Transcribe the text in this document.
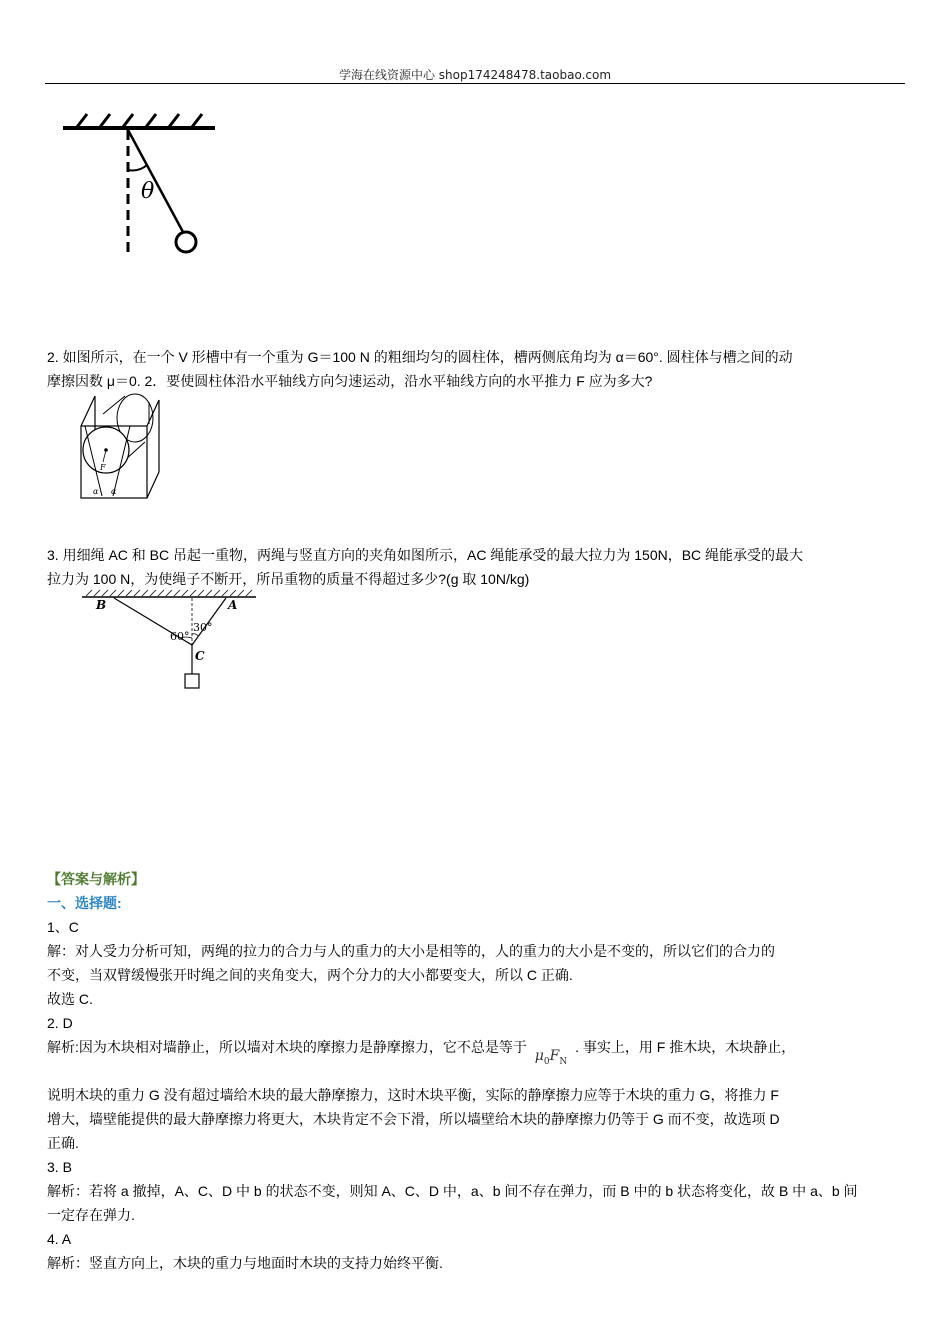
学海在线资源中心 shop174248478.taobao.com
θ
2. 如图所示，在一个 V 形槽中有一个重为 G＝100 N 的粗细均匀的圆柱体，槽两侧底角均为 α＝60°. 圆柱体与槽之间的动
摩擦因数 μ＝0. 2．要使圆柱体沿水平轴线方向匀速运动，沿水平轴线方向的水平推力 F 应为多大?
F
α α
3. 用细绳 AC 和 BC 吊起一重物，两绳与竖直方向的夹角如图所示，AC 绳能承受的最大拉力为 150N，BC 绳能承受的最大
拉力为 100 N，为使绳子不断开，所吊重物的质量不得超过多少?(g 取 10N/kg)
B	A
C
30°
60°
【答案与解析】
一、选择题:
1、C
解：对人受力分析可知，两绳的拉力的合力与人的重力的大小是相等的，人的重力的大小是不变的，所以它们的合力的
不变，当双臂缓慢张开时绳之间的夹角变大，两个分力的大小都要变大，所以 C 正确.
故选 C.
2. D
解析:因为木块相对墙静止，所以墙对木块的摩擦力是静摩擦力，它不总是等于 $\mu_0F_N$ . 事实上，用 F 推木块，木块静止，
说明木块的重力 G 没有超过墙给木块的最大静摩擦力，这时木块平衡，实际的静摩擦力应等于木块的重力 G，将推力 F
增大，墙壁能提供的最大静摩擦力将更大，木块肯定不会下滑，所以墙壁给木块的静摩擦力仍等于 G 而不变，故选项 D
正确.
3. B
解析：若将 a 撤掉，A、C、D 中 b 的状态不变，则知 A、C、D 中，a、b 间不存在弹力，而 B 中的 b 状态将变化，故 B 中 a、b 间
一定存在弹力.
4. A
解析：竖直方向上，木块的重力与地面时木块的支持力始终平衡.
